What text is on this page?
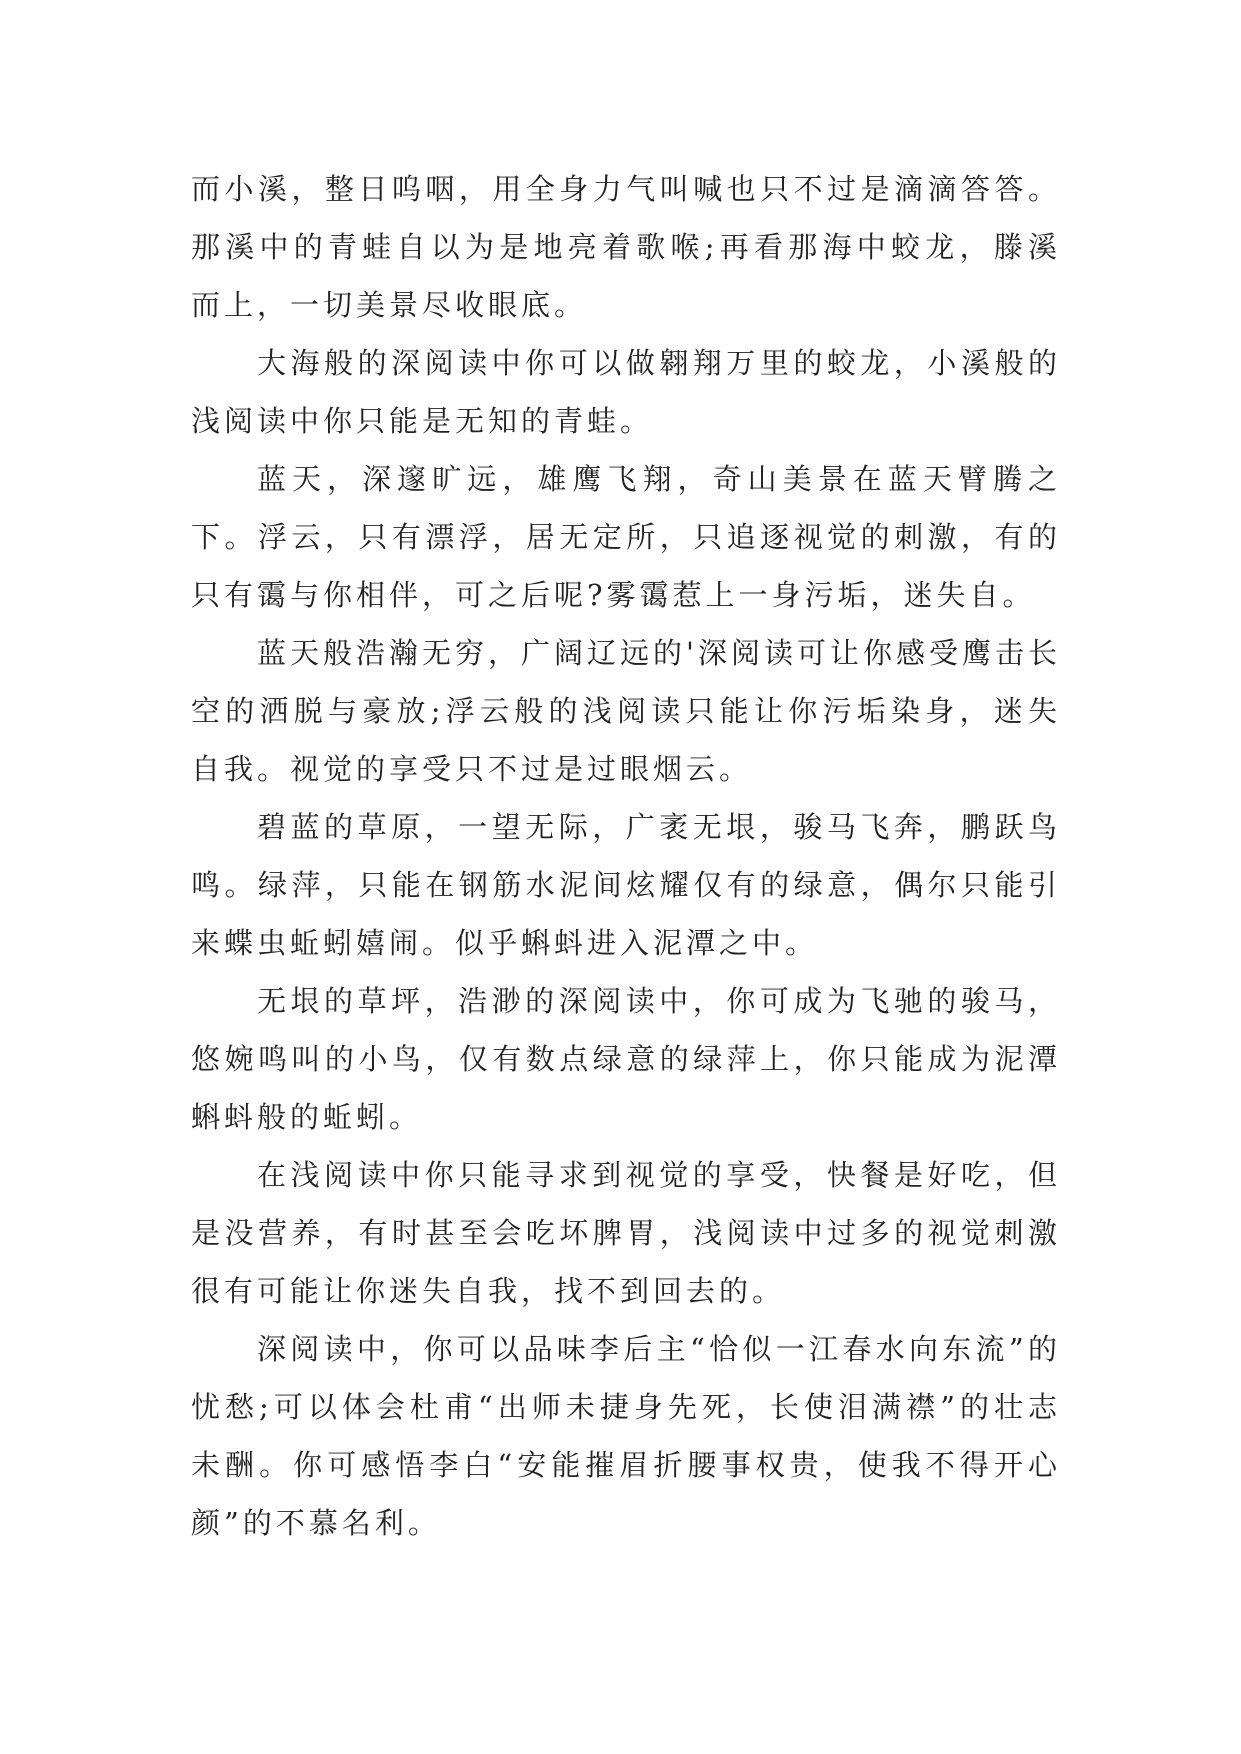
而小溪，整日呜咽，用全身力气叫喊也只不过是滴滴答答。那溪中的青蛙自以为是地亮着歌喉;再看那海中蛟龙，滕溪而上，一切美景尽收眼底。

大海般的深阅读中你可以做翱翔万里的蛟龙，小溪般的浅阅读中你只能是无知的青蛙。

蓝天，深邃旷远，雄鹰飞翔，奇山美景在蓝天臂腾之下。浮云，只有漂浮，居无定所，只追逐视觉的刺激，有的只有霭与你相伴，可之后呢?雾霭惹上一身污垢，迷失自。

蓝天般浩瀚无穷，广阔辽远的'深阅读可让你感受鹰击长空的洒脱与豪放;浮云般的浅阅读只能让你污垢染身，迷失自我。视觉的享受只不过是过眼烟云。

碧蓝的草原，一望无际，广袤无垠，骏马飞奔，鹏跃鸟鸣。绿萍，只能在钢筋水泥间炫耀仅有的绿意，偶尔只能引来蝶虫蚯蚓嬉闹。似乎蝌蚪进入泥潭之中。

无垠的草坪，浩渺的深阅读中，你可成为飞驰的骏马，悠婉鸣叫的小鸟，仅有数点绿意的绿萍上，你只能成为泥潭蝌蚪般的蚯蚓。

在浅阅读中你只能寻求到视觉的享受，快餐是好吃，但是没营养，有时甚至会吃坏脾胃，浅阅读中过多的视觉刺激很有可能让你迷失自我，找不到回去的。

深阅读中，你可以品味李后主“恰似一江春水向东流”的忧愁;可以体会杜甫“出师未捷身先死，长使泪满襟”的壮志未酬。你可感悟李白“安能摧眉折腰事权贵，使我不得开心颜”的不慕名利。
